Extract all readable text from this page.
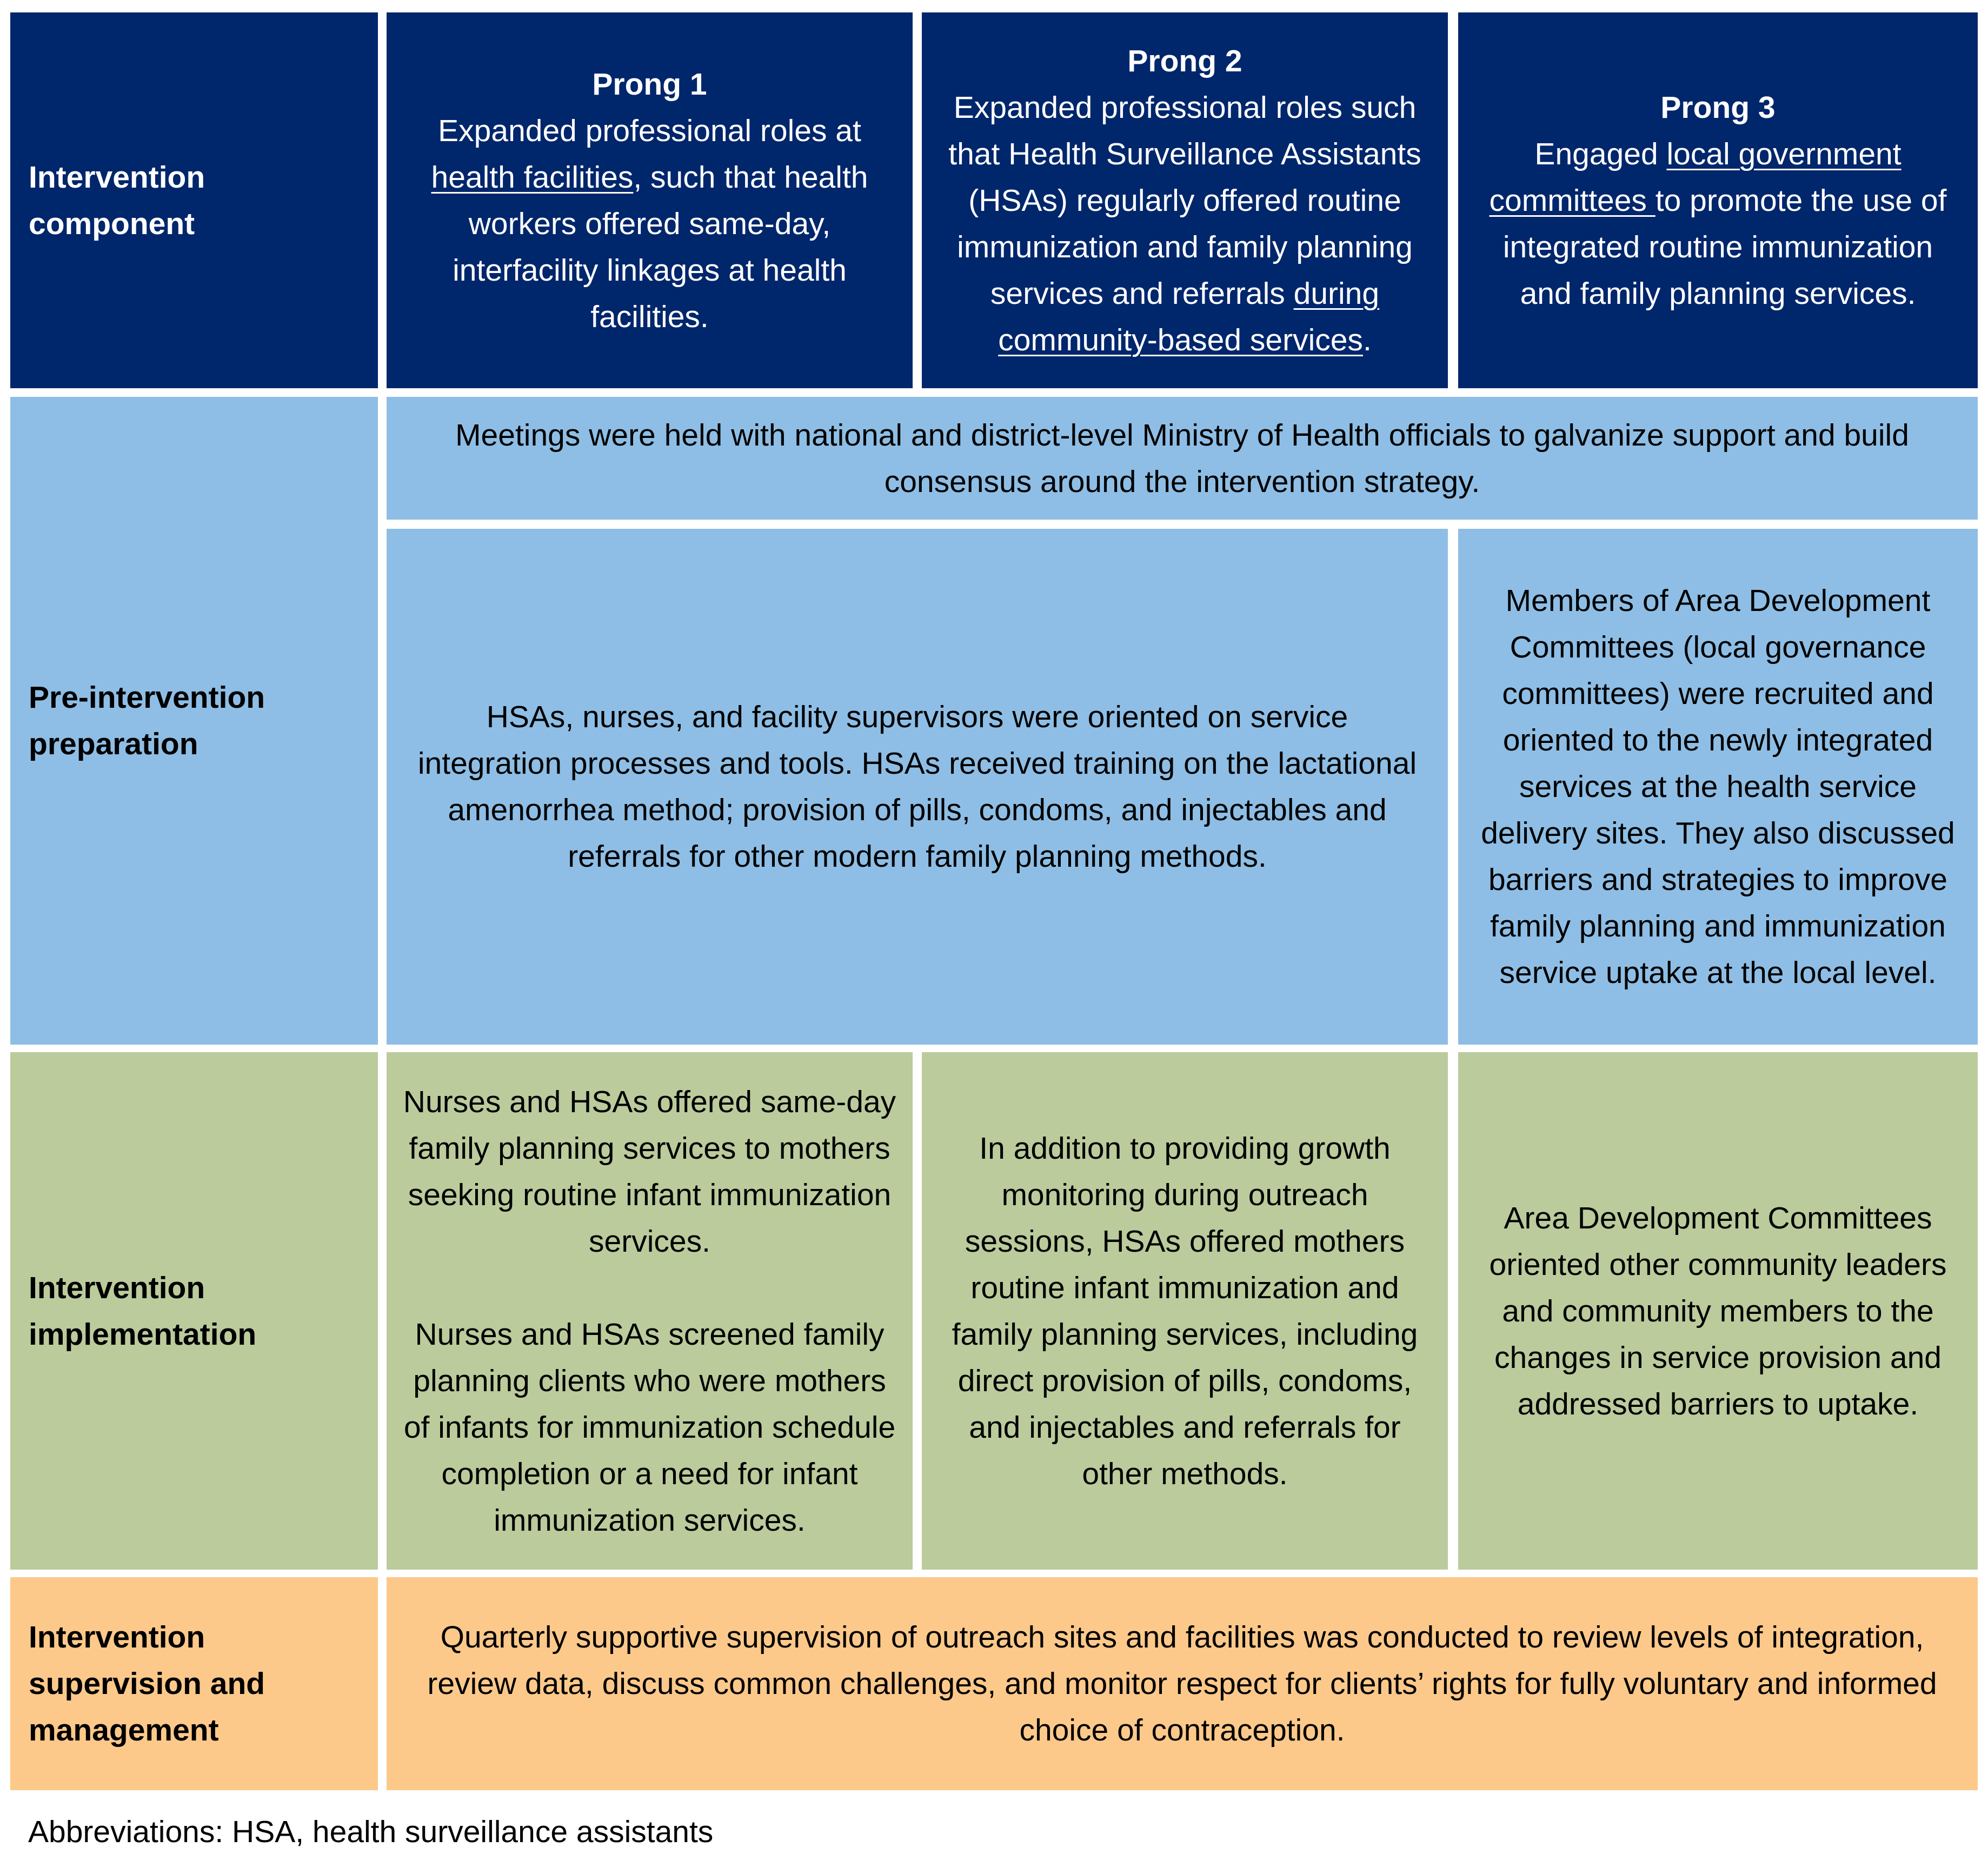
Intervention component

Prong 1
Expanded professional roles at health facilities, such that health workers offered same-day, interfacility linkages at health facilities.

Prong 2
Expanded professional roles such that Health Surveillance Assistants (HSAs) regularly offered routine immunization and family planning services and referrals during community-based services.

Prong 3
Engaged local government committees to promote the use of integrated routine immunization and family planning services.

Pre-intervention preparation

Meetings were held with national and district-level Ministry of Health officials to galvanize support and build consensus around the intervention strategy.

HSAs, nurses, and facility supervisors were oriented on service integration processes and tools. HSAs received training on the lactational amenorrhea method; provision of pills, condoms, and injectables and referrals for other modern family planning methods.

Members of Area Development Committees (local governance committees) were recruited and oriented to the newly integrated services at the health service delivery sites. They also discussed barriers and strategies to improve family planning and immunization service uptake at the local level.

Intervention implementation

Nurses and HSAs offered same-day family planning services to mothers seeking routine infant immunization services.

Nurses and HSAs screened family planning clients who were mothers of infants for immunization schedule completion or a need for infant immunization services.

In addition to providing growth monitoring during outreach sessions, HSAs offered mothers routine infant immunization and family planning services, including direct provision of pills, condoms, and injectables and referrals for other methods.

Area Development Committees oriented other community leaders and community members to the changes in service provision and addressed barriers to uptake.

Intervention supervision and management

Quarterly supportive supervision of outreach sites and facilities was conducted to review levels of integration, review data, discuss common challenges, and monitor respect for clients’ rights for fully voluntary and informed choice of contraception.

Abbreviations: HSA, health surveillance assistants
